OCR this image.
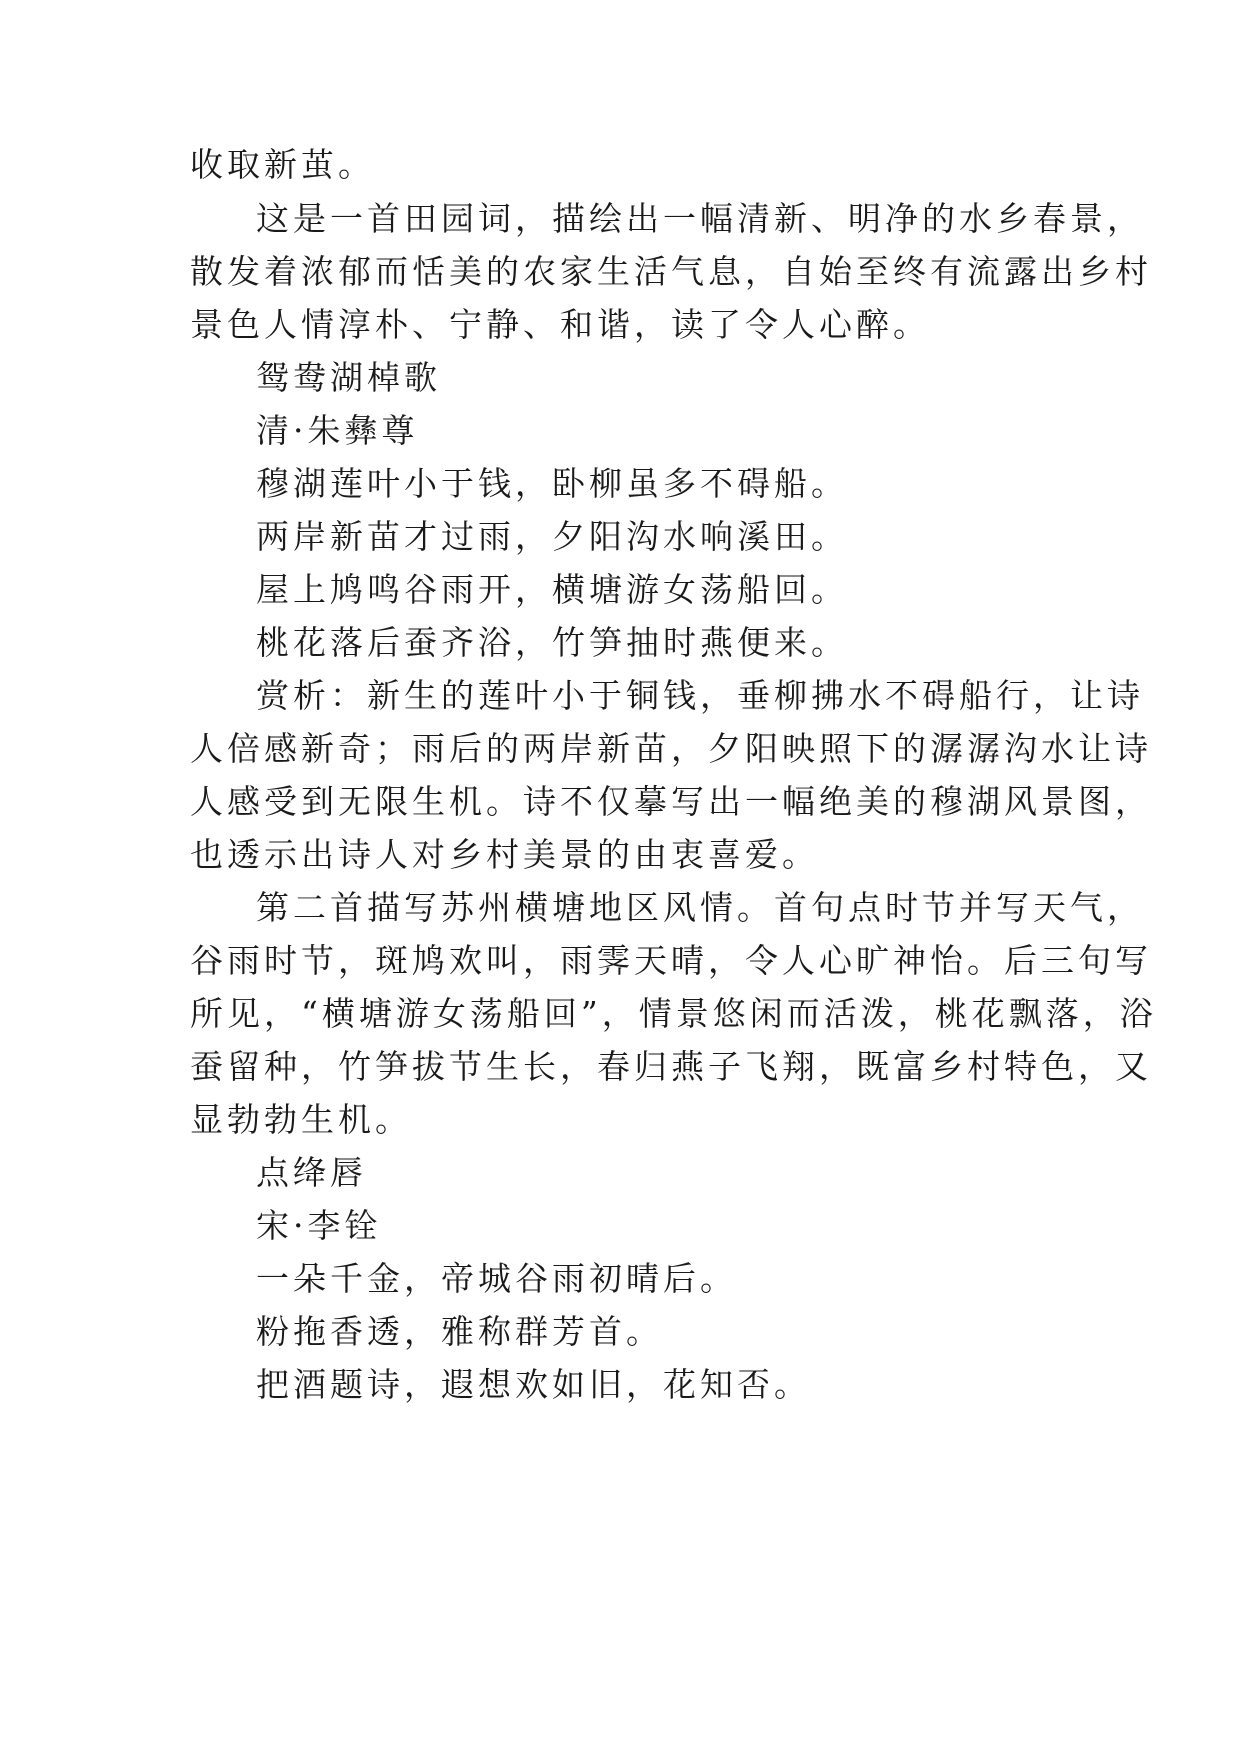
收取新茧。
这是一首田园词，描绘出一幅清新、明净的水乡春景，
散发着浓郁而恬美的农家生活气息，自始至终有流露出乡村
景色人情淳朴、宁静、和谐，读了令人心醉。
鸳鸯湖棹歌
清·朱彝尊
穆湖莲叶小于钱，卧柳虽多不碍船。
两岸新苗才过雨，夕阳沟水响溪田。
屋上鸠鸣谷雨开，横塘游女荡船回。
桃花落后蚕齐浴，竹笋抽时燕便来。
赏析：新生的莲叶小于铜钱，垂柳拂水不碍船行，让诗
人倍感新奇；雨后的两岸新苗，夕阳映照下的潺潺沟水让诗
人感受到无限生机。诗不仅摹写出一幅绝美的穆湖风景图，
也透示出诗人对乡村美景的由衷喜爱。
第二首描写苏州横塘地区风情。首句点时节并写天气，
谷雨时节，斑鸠欢叫，雨霁天晴，令人心旷神怡。后三句写
所见，“横塘游女荡船回”，情景悠闲而活泼，桃花飘落，浴
蚕留种，竹笋拔节生长，春归燕子飞翔，既富乡村特色，又
显勃勃生机。
点绛唇
宋·李铨
一朵千金，帝城谷雨初晴后。
粉拖香透，雅称群芳首。
把酒题诗，遐想欢如旧，花知否。
